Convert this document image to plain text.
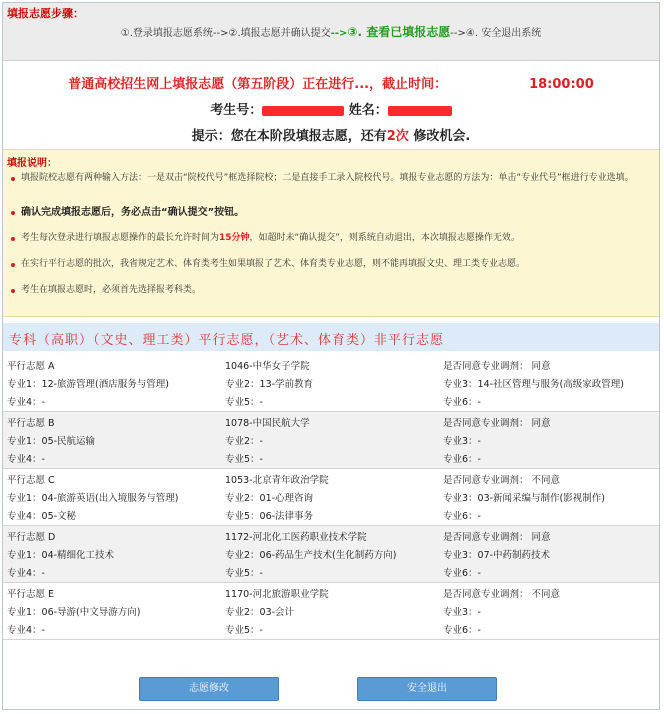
填报志愿步骤：
①.登录填报志愿系统-->②.填报志愿并确认提交-->③. 查看已填报志愿-->④. 安全退出系统
普通高校招生网上填报志愿（第五阶段）正在进行...，截止时间：	18:00:00
考生号：	姓名：
提示：您在本阶段填报志愿，还有2次 修改机会.
填报说明：
填报院校志愿有两种输入方法：一是双击“院校代号”框选择院校；二是直接手工录入院校代号。填报专业志愿的方法为：单击“专业代号”框进行专业选填。
确认完成填报志愿后，务必点击“确认提交”按钮。
考生每次登录进行填报志愿操作的最长允许时间为15分钟，如超时未“确认提交”，则系统自动退出，本次填报志愿操作无效。
在实行平行志愿的批次，我省规定艺术、体育类考生如果填报了艺术、体育类专业志愿，则不能再填报文史、理工类专业志愿。
考生在填报志愿时，必须首先选择报考科类。
专科（高职）（文史、理工类）平行志愿，（艺术、体育类）非平行志愿
平行志愿 A	1046-中华女子学院	是否同意专业调剂： 同意
专业1：12-旅游管理(酒店服务与管理)	专业2：13-学前教育	专业3：14-社区管理与服务(高级家政管理)
专业4：-	专业5：-	专业6：-
平行志愿 B	1078-中国民航大学	是否同意专业调剂： 同意
专业1：05-民航运输	专业2：-	专业3：-
专业4：-	专业5：-	专业6：-
平行志愿 C	1053-北京青年政治学院	是否同意专业调剂： 不同意
专业1：04-旅游英语(出入境服务与管理)	专业2：01-心理咨询	专业3：03-新闻采编与制作(影视制作)
专业4：05-文秘	专业5：06-法律事务	专业6：-
平行志愿 D	1172-河北化工医药职业技术学院	是否同意专业调剂： 同意
专业1：04-精细化工技术	专业2：06-药品生产技术(生化制药方向)	专业3：07-中药制药技术
专业4：-	专业5：-	专业6：-
平行志愿 E	1170-河北旅游职业学院	是否同意专业调剂： 不同意
专业1：06-导游(中文导游方向)	专业2：03-会计	专业3：-
专业4：-	专业5：-	专业6：-
志愿修改	安全退出
